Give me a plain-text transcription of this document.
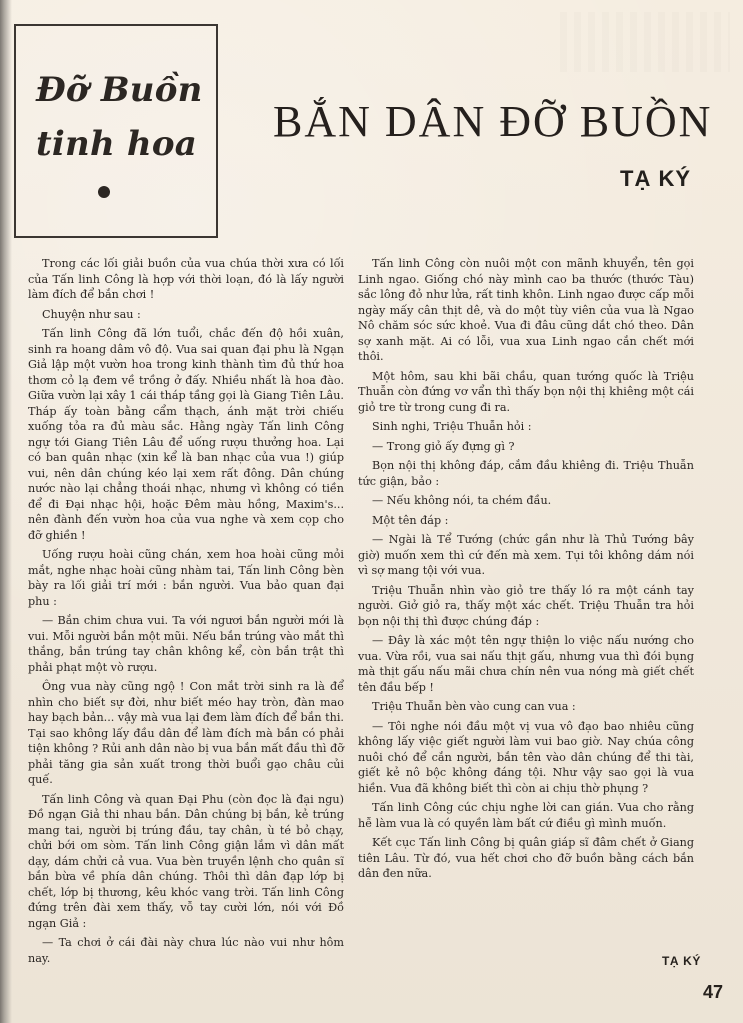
Đỡ Buồn
tinh hoa BẮN DÂN ĐỠ BUỒN
TẠ KÝ

Trong các lối giải buồn của vua chúa thời xưa có lối của Tấn linh Công là hợp với thời loạn, đó là lấy người làm đích để bắn chơi !

Chuyện như sau :

Tấn linh Công đã lớn tuổi, chắc đến độ hồi xuân, sinh ra hoang dâm vô độ. Vua sai quan đại phu là Ngạn Giả lập một vườn hoa trong kinh thành tìm đủ thứ hoa thơm cỏ lạ đem về trồng ở đấy. Nhiều nhất là hoa đào. Giữa vườn lại xây 1 cái tháp tầng gọi là Giang Tiên Lâu. Tháp ấy toàn bằng cẩm thạch, ánh mặt trời chiếu xuống tỏa ra đủ màu sắc. Hằng ngày Tấn linh Công ngự tới Giang Tiên Lâu để uống rượu thưởng hoa. Lại có ban quân nhạc (xin kể là ban nhạc của vua !) giúp vui, nên dân chúng kéo lại xem rất đông. Dân chúng nước nào lại chẳng thoái nhạc, nhưng vì không có tiền để đi Đại nhạc hội, hoặc Đêm màu hồng, Maxim's... nên đành đến vườn hoa của vua nghe và xem cọp cho đỡ ghiền !

Uống rượu hoài cũng chán, xem hoa hoài cũng mỏi mắt, nghe nhạc hoài cũng nhàm tai, Tấn linh Công bèn bày ra lối giải trí mới : bắn người. Vua bảo quan đại phu :

— Bắn chim chưa vui. Ta với ngươi bắn người mới là vui. Mỗi người bắn một mũi. Nếu bắn trúng vào mắt thì thắng, bắn trúng tay chân không kể, còn bắn trật thì phải phạt một vò rượu.

Ông vua này cũng ngộ ! Con mắt trời sinh ra là để nhìn cho biết sự đời, như biết méo hay tròn, đàn mao hay bạch bản... vậy mà vua lại đem làm đích để bắn thi. Tại sao không lấy đầu dân để làm đích mà bắn có phải tiện không ? Rủi anh dân nào bị vua bắn mất đầu thì đỡ phải tăng gia sản xuất trong thời buổi gạo châu củi quế.

Tấn linh Công và quan Đại Phu (còn đọc là đại ngu) Đồ ngạn Giả thi nhau bắn. Dân chúng bị bắn, kẻ trúng mang tai, người bị trúng đầu, tay chân, ù té bỏ chạy, chửi bới om sòm. Tấn linh Công giận lắm vì dân mất dạy, dám chửi cả vua. Vua bèn truyền lệnh cho quân sĩ bắn bừa về phía dân chúng. Thôi thì dân đạp lớp bị chết, lớp bị thương, kêu khóc vang trời. Tấn linh Công đứng trên đài xem thấy, vỗ tay cười lớn, nói với Đồ ngạn Giả :

— Ta chơi ở cái đài này chưa lúc nào vui như hôm nay.

Tấn linh Công còn nuôi một con mãnh khuyển, tên gọi Linh ngao. Giống chó này mình cao ba thước (thước Tàu) sắc lông đỏ như lửa, rất tinh khôn. Linh ngao được cấp mỗi ngày mấy cân thịt dê, và do một tùy viên của vua là Ngao Nô chăm sóc sức khoẻ. Vua đi đâu cũng dắt chó theo. Dân sợ xanh mặt. Ai có lỗi, vua xua Linh ngao cắn chết mới thôi.

Một hôm, sau khi bãi chầu, quan tướng quốc là Triệu Thuẫn còn đứng vơ vẩn thì thấy bọn nội thị khiêng một cái giỏ tre từ trong cung đi ra.

Sinh nghi, Triệu Thuẫn hỏi :

— Trong giỏ ấy đựng gì ?

Bọn nội thị không đáp, cắm đầu khiêng đi. Triệu Thuẫn tức giận, bảo :

— Nếu không nói, ta chém đầu.

Một tên đáp :

— Ngài là Tể Tướng (chức gần như là Thủ Tướng bây giờ) muốn xem thì cứ đến mà xem. Tụi tôi không dám nói vì sợ mang tội với vua.

Triệu Thuẫn nhìn vào giỏ tre thấy ló ra một cánh tay người. Giở giỏ ra, thấy một xác chết. Triệu Thuẫn tra hỏi bọn nội thị thì được chúng đáp :

— Đây là xác một tên ngự thiện lo việc nấu nướng cho vua. Vừa rồi, vua sai nấu thịt gấu, nhưng vua thì đói bụng mà thịt gấu nấu mãi chưa chín nên vua nóng mà giết chết tên đầu bếp !

Triệu Thuẫn bèn vào cung can vua :

— Tôi nghe nói đầu một vị vua vô đạo bao nhiêu cũng không lấy việc giết người làm vui bao giờ. Nay chúa công nuôi chó để cắn người, bắn tên vào dân chúng để thi tài, giết kẻ nô bộc không đáng tội. Như vậy sao gọi là vua hiền. Vua đã không biết thì còn ai chịu thờ phụng ?

Tấn linh Công cúc chịu nghe lời can gián. Vua cho rằng hễ làm vua là có quyền làm bất cứ điều gì mình muốn.

Kết cục Tấn linh Công bị quân giáp sĩ đâm chết ở Giang tiên Lâu. Từ đó, vua hết chơi cho đỡ buồn bằng cách bắn dân đen nữa.

TẠ KÝ
47
